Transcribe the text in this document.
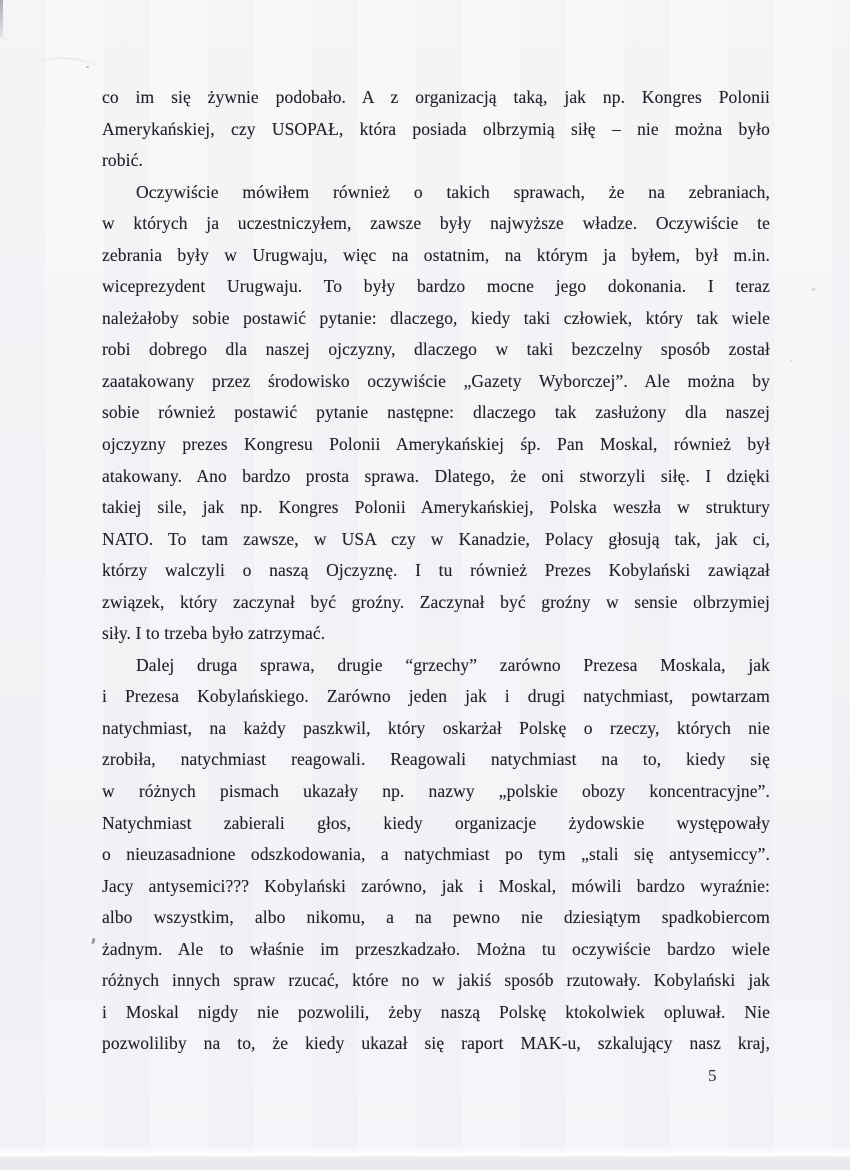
co im się żywnie podobało. A z organizacją taką, jak np. Kongres Polonii
Amerykańskiej, czy USOPAŁ, która posiada olbrzymią siłę – nie można było
robić.
Oczywiście mówiłem również o takich sprawach, że na zebraniach,
w których ja uczestniczyłem, zawsze były najwyższe władze. Oczywiście te
zebrania były w Urugwaju, więc na ostatnim, na którym ja byłem, był m.in.
wiceprezydent Urugwaju. To były bardzo mocne jego dokonania. I teraz
należałoby sobie postawić pytanie: dlaczego, kiedy taki człowiek, który tak wiele
robi dobrego dla naszej ojczyzny, dlaczego w taki bezczelny sposób został
zaatakowany przez środowisko oczywiście „Gazety Wyborczej”. Ale można by
sobie również postawić pytanie następne: dlaczego tak zasłużony dla naszej
ojczyzny prezes Kongresu Polonii Amerykańskiej śp. Pan Moskal, również był
atakowany. Ano bardzo prosta sprawa. Dlatego, że oni stworzyli siłę. I dzięki
takiej sile, jak np. Kongres Polonii Amerykańskiej, Polska weszła w struktury
NATO. To tam zawsze, w USA czy w Kanadzie, Polacy głosują tak, jak ci,
którzy walczyli o naszą Ojczyznę. I tu również Prezes Kobylański zawiązał
związek, który zaczynał być groźny. Zaczynał być groźny w sensie olbrzymiej
siły. I to trzeba było zatrzymać.
Dalej druga sprawa, drugie “grzechy” zarówno Prezesa Moskala, jak
i Prezesa Kobylańskiego. Zarówno jeden jak i drugi natychmiast, powtarzam
natychmiast, na każdy paszkwil, który oskarżał Polskę o rzeczy, których nie
zrobiła, natychmiast reagowali. Reagowali natychmiast na to, kiedy się
w różnych pismach ukazały np. nazwy „polskie obozy koncentracyjne”.
Natychmiast zabierali głos, kiedy organizacje żydowskie występowały
o nieuzasadnione odszkodowania, a natychmiast po tym „stali się antysemiccy”.
Jacy antysemici??? Kobylański zarówno, jak i Moskal, mówili bardzo wyraźnie:
albo wszystkim, albo nikomu, a na pewno nie dziesiątym spadkobiercom
żadnym. Ale to właśnie im przeszkadzało. Można tu oczywiście bardzo wiele
różnych innych spraw rzucać, które no w jakiś sposób rzutowały. Kobylański jak
i Moskal nigdy nie pozwolili, żeby naszą Polskę ktokolwiek opluwał. Nie
pozwoliliby na to, że kiedy ukazał się raport MAK-u, szkalujący nasz kraj,
5
